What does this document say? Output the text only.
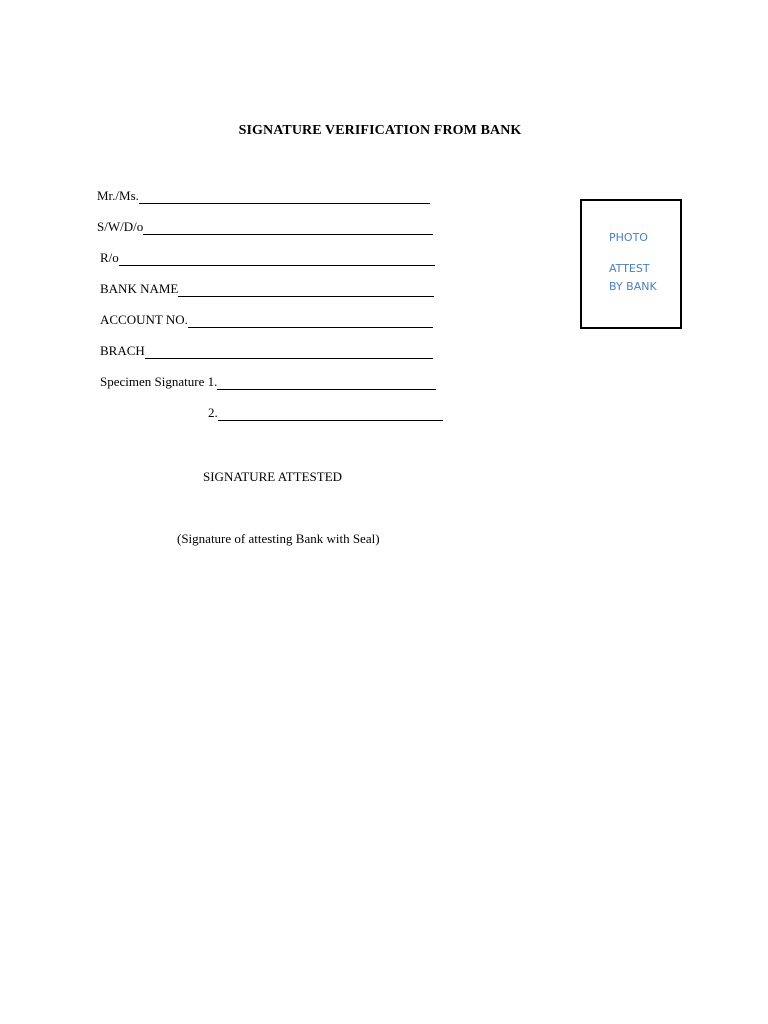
SIGNATURE VERIFICATION FROM BANK
Mr./Ms.
S/W/D/o
R/o
BANK NAME
ACCOUNT NO.
BRACH
Specimen Signature 1.
2.
PHOTO
ATTEST
BY BANK
SIGNATURE ATTESTED
(Signature of attesting Bank with Seal)
